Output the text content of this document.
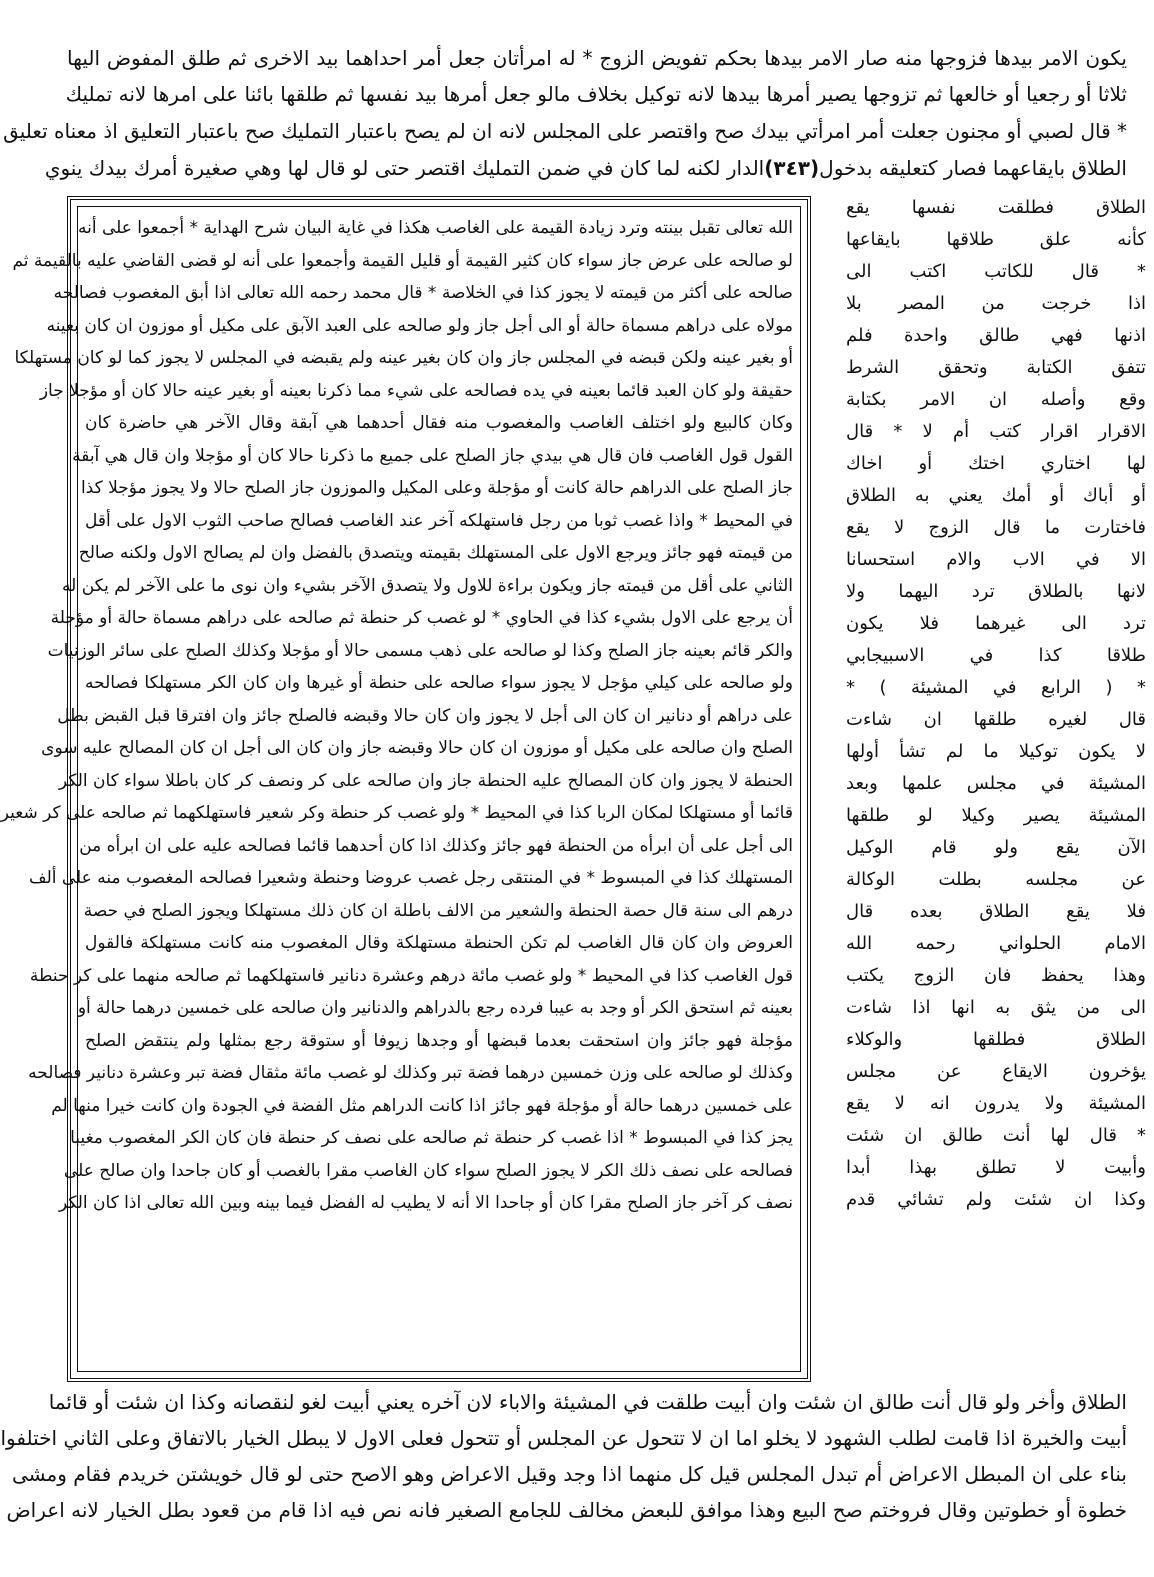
يكون الامر بيدها فزوجها منه صار الامر بيدها بحكم تفويض الزوج * له امرأتان جعل أمر احداهما بيد الاخرى ثم طلق المفوض اليها
ثلاثا أو رجعيا أو خالعها ثم تزوجها يصير أمرها بيدها لانه توكيل بخلاف مالو جعل أمرها بيد نفسها ثم طلقها بائنا على امرها لانه تمليك
* قال لصبي أو مجنون جعلت أمر امرأتي بيدك صح واقتصر على المجلس لانه ان لم يصح باعتبار التمليك صح باعتبار التعليق اذ معناه تعليق
الطلاق بايقاعهما فصار كتعليقه بدخول
(٣٤٣)
الدار لكنه لما كان في ضمن التمليك اقتصر حتى لو قال لها وهي صغيرة أمرك بيدك ينوي
الطلاق فطلقت نفسها يقع
كأنه علق طلاقها بايقاعها
* قال للكاتب اكتب الى
اذا خرجت من المصر بلا
اذنها فهي طالق واحدة فلم
تتفق الكتابة وتحقق الشرط
وقع وأصله ان الامر بكتابة
الاقرار اقرار كتب أم لا * قال
لها اختاري اختك أو اخاك
أو أباك أو أمك يعني به الطلاق
فاختارت ما قال الزوج لا يقع
الا في الاب والام استحسانا
لانها بالطلاق ترد اليهما ولا
ترد الى غيرهما فلا يكون
طلاقا كذا في الاسبيجابي
* ( الرابع في المشيئة ) *
قال لغيره طلقها ان شاءت
لا يكون توكيلا ما لم تشأ أولها
المشيئة في مجلس علمها وبعد
المشيئة يصير وكيلا لو طلقها
الآن يقع ولو قام الوكيل
عن مجلسه بطلت الوكالة
فلا يقع الطلاق بعده قال
الامام الحلواني رحمه الله
وهذا يحفظ فان الزوج يكتب
الى من يثق به انها اذا شاءت
الطلاق فطلقها والوكلاء
يؤخرون الايقاع عن مجلس
المشيئة ولا يدرون انه لا يقع
* قال لها أنت طالق ان شئت
وأبيت لا تطلق بهذا أبدا
وكذا ان شئت ولم تشائي قدم
الله تعالى تقبل بينته وترد زيادة القيمة على الغاصب هكذا في غاية البيان شرح الهداية * أجمعوا على أنه
لو صالحه على عرض جاز سواء كان كثير القيمة أو قليل القيمة وأجمعوا على أنه لو قضى القاضي عليه بالقيمة ثم
صالحه على أكثر من قيمته لا يجوز كذا في الخلاصة * قال محمد رحمه الله تعالى اذا أبق المغصوب فصالحه
مولاه على دراهم مسماة حالة أو الى أجل جاز ولو صالحه على العبد الآبق على مكيل أو موزون ان كان بعينه
أو بغير عينه ولكن قبضه في المجلس جاز وان كان بغير عينه ولم يقبضه في المجلس لا يجوز كما لو كان مستهلكا
حقيقة ولو كان العبد قائما بعينه في يده فصالحه على شيء مما ذكرنا بعينه أو بغير عينه حالا كان أو مؤجلا جاز
وكان كالبيع ولو اختلف الغاصب والمغصوب منه فقال أحدهما هي آبقة وقال الآخر هي حاضرة كان
القول قول الغاصب فان قال هي بيدي جاز الصلح على جميع ما ذكرنا حالا كان أو مؤجلا وان قال هي آبقة
جاز الصلح على الدراهم حالة كانت أو مؤجلة وعلى المكيل والموزون جاز الصلح حالا ولا يجوز مؤجلا كذا
في المحيط * واذا غصب ثوبا من رجل فاستهلكه آخر عند الغاصب فصالح صاحب الثوب الاول على أقل
من قيمته فهو جائز ويرجع الاول على المستهلك بقيمته ويتصدق بالفضل وان لم يصالح الاول ولكنه صالح
الثاني على أقل من قيمته جاز ويكون براءة للاول ولا يتصدق الآخر بشيء وان نوى ما على الآخر لم يكن له
أن يرجع على الاول بشيء كذا في الحاوي * لو غصب كر حنطة ثم صالحه على دراهم مسماة حالة أو مؤجلة
والكر قائم بعينه جاز الصلح وكذا لو صالحه على ذهب مسمى حالا أو مؤجلا وكذلك الصلح على سائر الوزنيات
ولو صالحه على كيلي مؤجل لا يجوز سواء صالحه على حنطة أو غيرها وان كان الكر مستهلكا فصالحه
على دراهم أو دنانير ان كان الى أجل لا يجوز وان كان حالا وقبضه فالصلح جائز وان افترقا قبل القبض بطل
الصلح وان صالحه على مكيل أو موزون ان كان حالا وقبضه جاز وان كان الى أجل ان كان المصالح عليه سوى
الحنطة لا يجوز وان كان المصالح عليه الحنطة جاز وان صالحه على كر ونصف كر كان باطلا سواء كان الكر
قائما أو مستهلكا لمكان الربا كذا في المحيط * ولو غصب كر حنطة وكر شعير فاستهلكهما ثم صالحه على كر شعير
الى أجل على أن ابرأه من الحنطة فهو جائز وكذلك اذا كان أحدهما قائما فصالحه عليه على ان ابرأه من
المستهلك كذا في المبسوط * في المنتقى رجل غصب عروضا وحنطة وشعيرا فصالحه المغصوب منه على ألف
درهم الى سنة قال حصة الحنطة والشعير من الالف باطلة ان كان ذلك مستهلكا ويجوز الصلح في حصة
العروض وان كان قال الغاصب لم تكن الحنطة مستهلكة وقال المغصوب منه كانت مستهلكة فالقول
قول الغاصب كذا في المحيط * ولو غصب مائة درهم وعشرة دنانير فاستهلكهما ثم صالحه منهما على كر حنطة
بعينه ثم استحق الكر أو وجد به عيبا فرده رجع بالدراهم والدنانير وان صالحه على خمسين درهما حالة أو
مؤجلة فهو جائز وان استحقت بعدما قبضها أو وجدها زيوفا أو ستوقة رجع بمثلها ولم ينتقض الصلح
وكذلك لو صالحه على وزن خمسين درهما فضة تبر وكذلك لو غصب مائة مثقال فضة تبر وعشرة دنانير فصالحه
على خمسين درهما حالة أو مؤجلة فهو جائز اذا كانت الدراهم مثل الفضة في الجودة وان كانت خيرا منها لم
يجز كذا في المبسوط * اذا غصب كر حنطة ثم صالحه على نصف كر حنطة فان كان الكر المغصوب مغيبا
فصالحه على نصف ذلك الكر لا يجوز الصلح سواء كان الغاصب مقرا بالغصب أو كان جاحدا وان صالح على
نصف كر آخر جاز الصلح مقرا كان أو جاحدا الا أنه لا يطيب له الفضل فيما بينه وبين الله تعالى اذا كان الكر
الطلاق وأخر ولو قال أنت طالق ان شئت وان أبيت طلقت في المشيئة والاباء لان آخره يعني أبيت لغو لنقصانه وكذا ان شئت أو قائما
أبيت والخيرة اذا قامت لطلب الشهود لا يخلو اما ان لا تتحول عن المجلس أو تتحول فعلى الاول لا يبطل الخيار بالاتفاق وعلى الثاني اختلفوا
بناء على ان المبطل الاعراض أم تبدل المجلس قيل كل منهما اذا وجد وقيل الاعراض وهو الاصح حتى لو قال خويشتن خريدم فقام ومشى
خطوة أو خطوتين وقال فروختم صح البيع وهذا موافق للبعض مخالف للجامع الصغير فانه نص فيه اذا قام من قعود بطل الخيار لانه اعراض
